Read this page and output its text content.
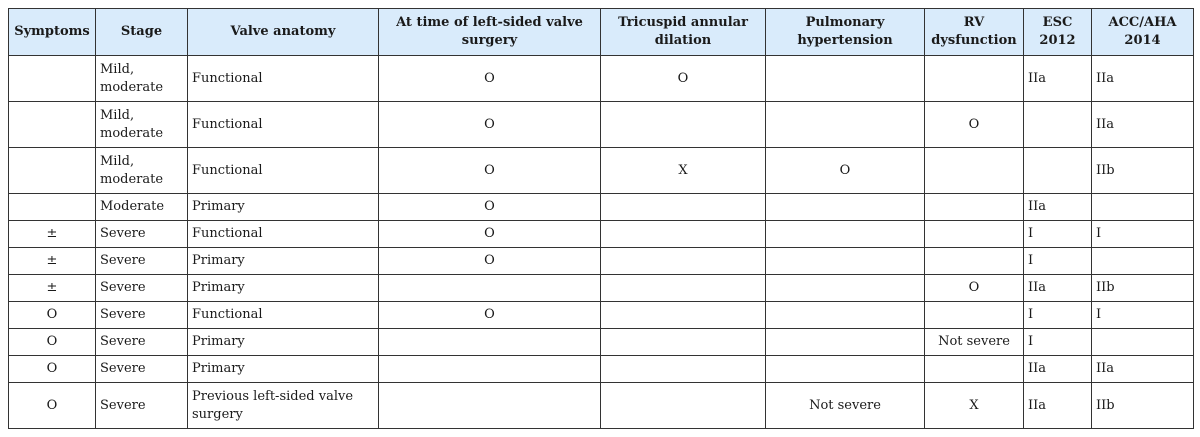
Symptoms	Stage	Valve anatomy	At time of left-sided valve surgery	Tricuspid annular dilation	Pulmonary hypertension	RV dysfunction	ESC 2012	ACC/AHA 2014
	Mild, moderate	Functional	O	O			IIa	IIa
	Mild, moderate	Functional	O			O		IIa
	Mild, moderate	Functional	O	X	O			IIb
	Moderate	Primary	O				IIa	
±	Severe	Functional	O				I	I
±	Severe	Primary	O				I	
±	Severe	Primary				O	IIa	IIb
O	Severe	Functional	O				I	I
O	Severe	Primary				Not severe	I	
O	Severe	Primary					IIa	IIa
O	Severe	Previous left-sided valve surgery			Not severe	X	IIa	IIb
